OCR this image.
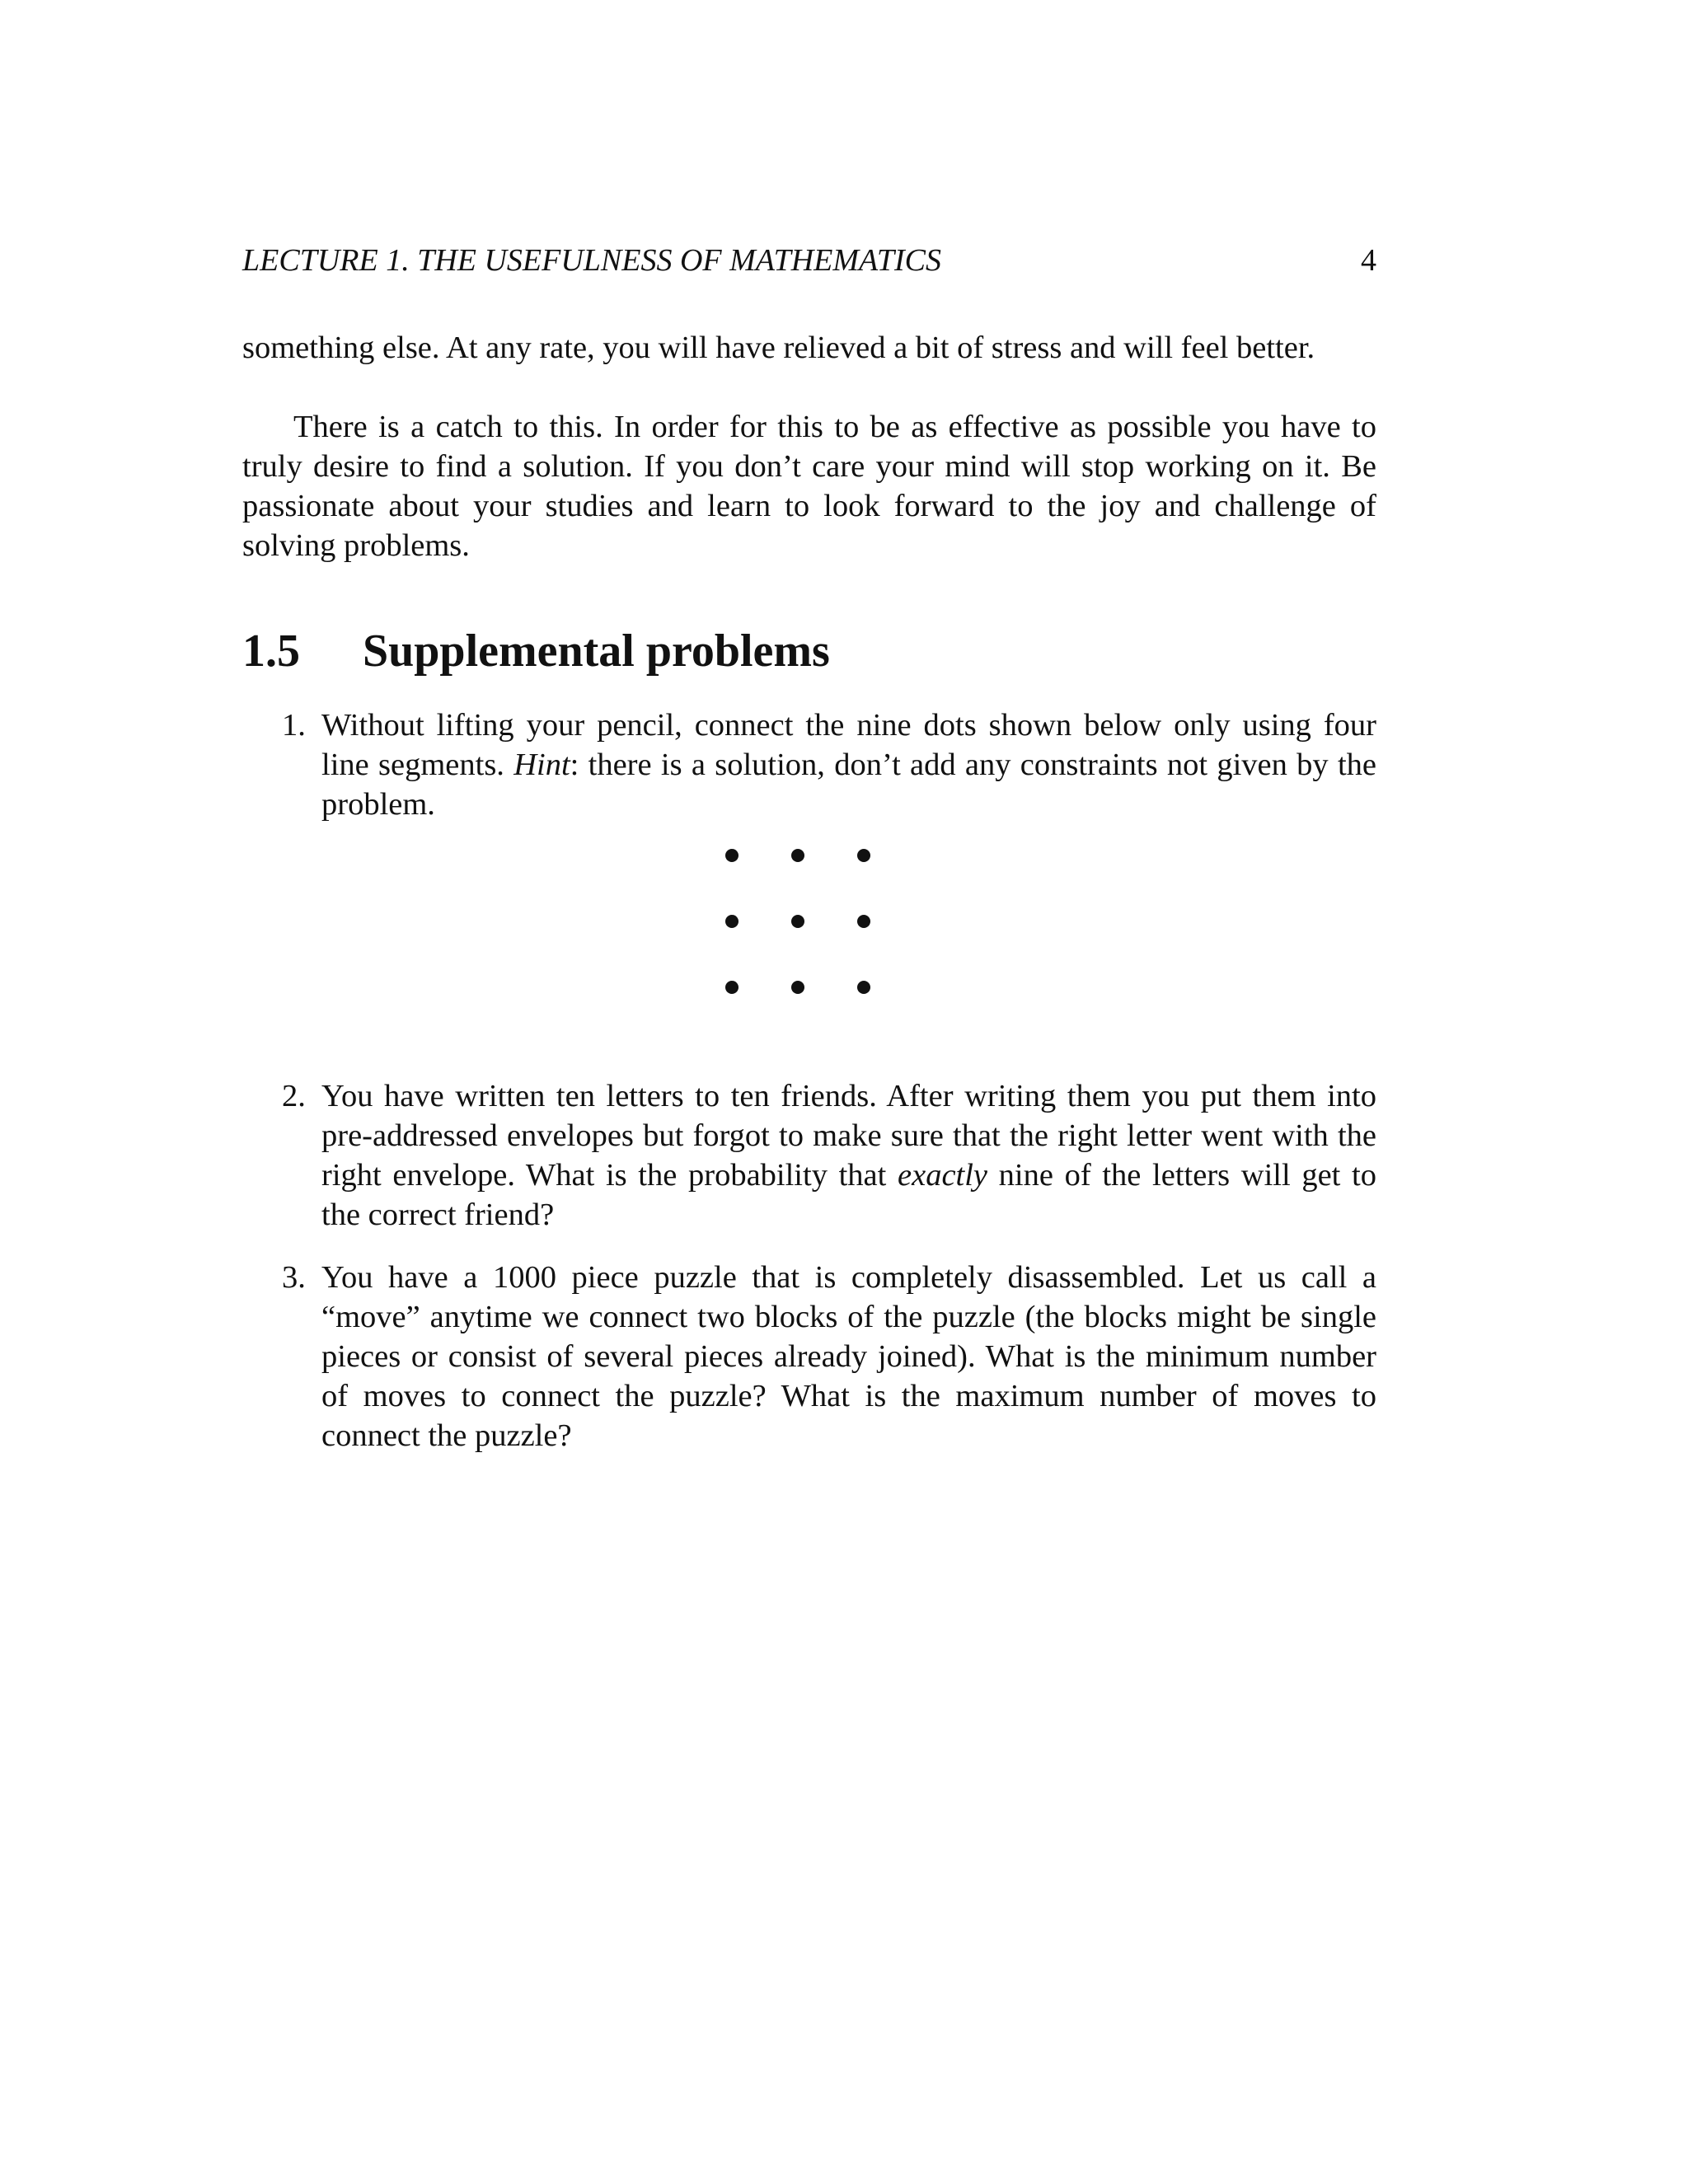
LECTURE 1. THE USEFULNESS OF MATHEMATICS	4

something else. At any rate, you will have relieved a bit of stress and will feel better.

There is a catch to this. In order for this to be as effective as possible you have to truly desire to find a solution. If you don’t care your mind will stop working on it. Be passionate about your studies and learn to look forward to the joy and challenge of solving problems.

1.5	Supplemental problems
1. Without lifting your pencil, connect the nine dots shown below only using four line segments. Hint: there is a solution, don’t add any constraints not given by the problem.
2. You have written ten letters to ten friends. After writing them you put them into pre-addressed envelopes but forgot to make sure that the right letter went with the right envelope. What is the probability that exactly nine of the letters will get to the correct friend?
3. You have a 1000 piece puzzle that is completely disassembled. Let us call a “move” anytime we connect two blocks of the puzzle (the blocks might be single pieces or consist of several pieces already joined). What is the minimum number of moves to connect the puzzle? What is the maximum number of moves to connect the puzzle?
